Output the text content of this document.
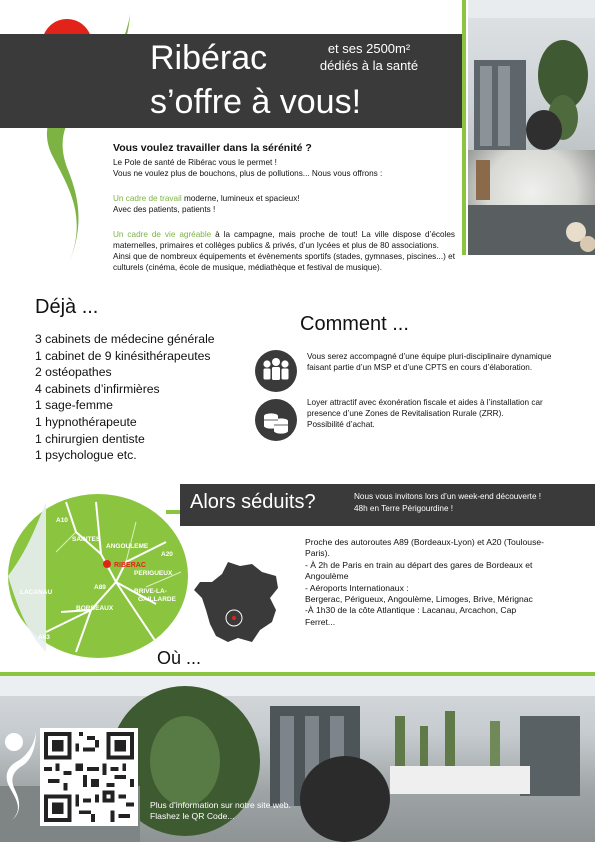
Ribérac
s’offre à vous!
et ses 2500m²
dédiés à la santé
Vous voulez travailler dans la sérénité ?
Le Pole de santé de Ribérac vous le permet !
Vous ne voulez plus de bouchons, plus de pollutions... Nous vous offrons :
Un cadre de travail moderne, lumineux et spacieux!
Avec des patients, patients !
Un cadre de vie agréable à la campagne, mais proche de tout! La ville dispose d’écoles maternelles, primaires et collèges publics & privés, d’un lycées et plus de 80 associations.
Ainsi que de nombreux équipements et évènements sportifs (stades, gymnases, piscines...) et culturels (cinéma, école de musique, médiathèque et festival de musique).
Déjà ...
3 cabinets de médecine générale
1 cabinet de 9 kinésithérapeutes
2 ostéopathes
4 cabinets d’infirmières
1 sage-femme
1 hypnothérapeute
1 chirurgien dentiste
1 psychologue etc.
Comment ...
Vous serez accompagné d’une équipe pluri-disciplinaire dynamique faisant partie d’un MSP et d’une CPTS en cours d’élaboration.
Loyer attractif avec éxonération fiscale et aides à l’installation car presence d’une Zones de Revitalisation Rurale (ZRR).
Possibilité d’achat.
Alors séduits?	Nous vous invitons lors d’un week-end découverte !
48h en Terre Périgourdine !
A10
SAINTES
ANGOULEME
A20
PERIGUEUX
LACANAU
A89
BORDEAUX
BRIVE-LA-
GAILLARDE
A63
RIBERAC
Proche des autoroutes A89 (Bordeaux-Lyon) et A20 (Toulouse-Paris).
- À 2h de Paris en train au départ des gares de Bordeaux et Angoulème
- Aéroports Internationaux :
Bergerac, Périgueux, Angoulème, Limoges, Brive, Mérignac
-À 1h30 de la côte Atlantique : Lacanau, Arcachon, Cap Ferret...
Où ...
Plus d’information sur notre site web.
Flashez le QR Code...
